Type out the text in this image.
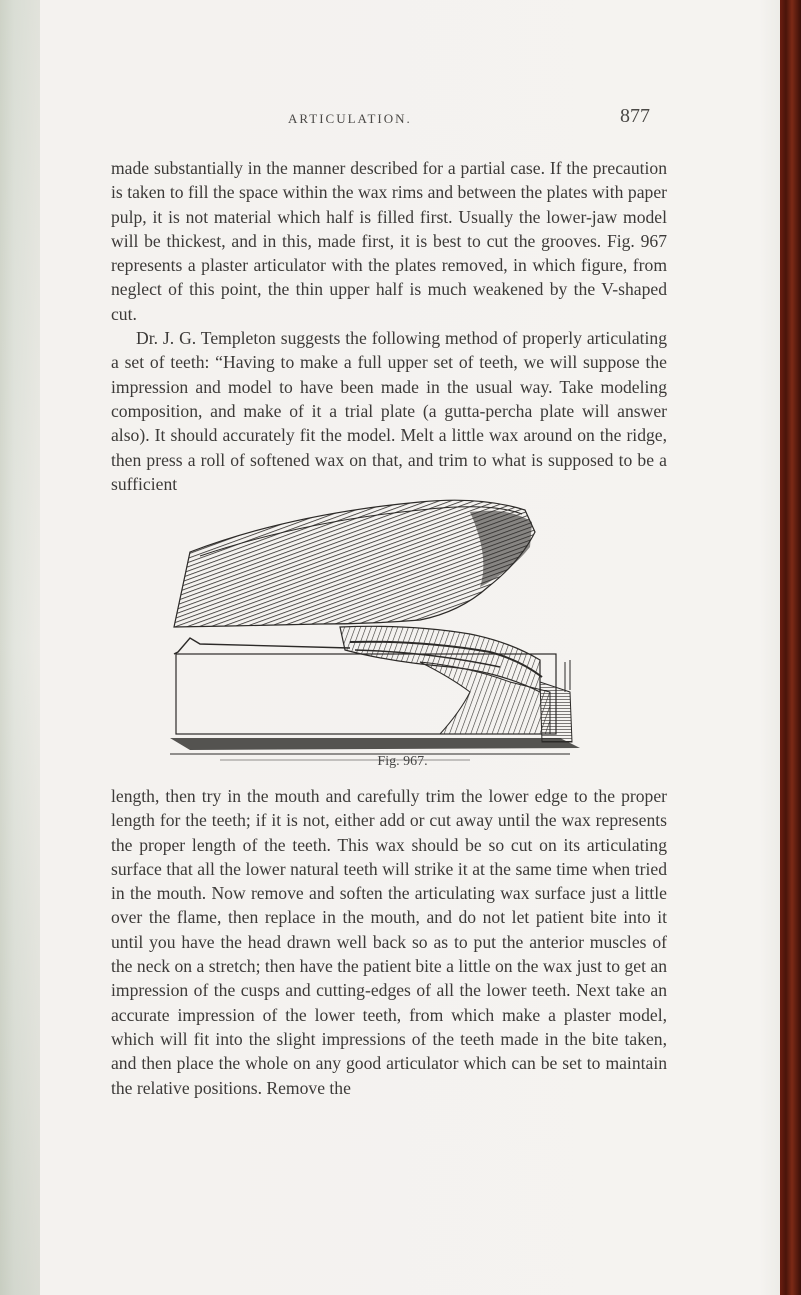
ARTICULATION.	877

made substantially in the manner described for a partial case. If the precaution is taken to fill the space within the wax rims and between the plates with paper pulp, it is not material which half is filled first. Usually the lower-jaw model will be thickest, and in this, made first, it is best to cut the grooves. Fig. 967 represents a plaster articulator with the plates removed, in which figure, from neglect of this point, the thin upper half is much weakened by the V-shaped cut.

Dr. J. G. Templeton suggests the following method of properly articulating a set of teeth: “Having to make a full upper set of teeth, we will suppose the impression and model to have been made in the usual way. Take modeling composition, and make of it a trial plate (a gutta-percha plate will answer also). It should accurately fit the model. Melt a little wax around on the ridge, then press a roll of softened wax on that, and trim to what is supposed to be a sufficient

Fig. 967.

length, then try in the mouth and carefully trim the lower edge to the proper length for the teeth; if it is not, either add or cut away until the wax represents the proper length of the teeth. This wax should be so cut on its articulating surface that all the lower natural teeth will strike it at the same time when tried in the mouth. Now remove and soften the articulating wax surface just a little over the flame, then replace in the mouth, and do not let patient bite into it until you have the head drawn well back so as to put the anterior muscles of the neck on a stretch; then have the patient bite a little on the wax just to get an impression of the cusps and cutting-edges of all the lower teeth. Next take an accurate impression of the lower teeth, from which make a plaster model, which will fit into the slight impressions of the teeth made in the bite taken, and then place the whole on any good articulator which can be set to maintain the relative positions. Remove the
